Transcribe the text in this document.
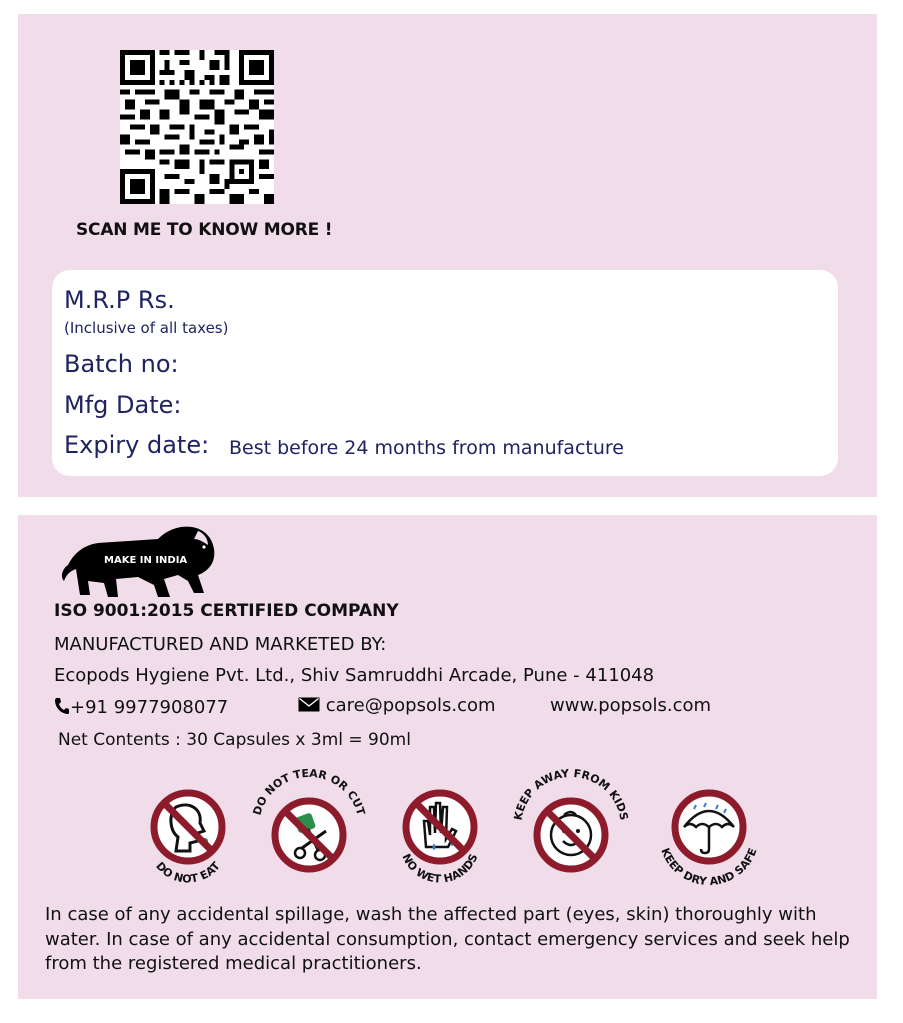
SCAN ME TO KNOW MORE !
M.R.P Rs.
(Inclusive of all taxes)
Batch no:
Mfg Date:
Expiry date: Best before 24 months from manufacture
MAKE IN INDIA
ISO 9001:2015 CERTIFIED COMPANY
MANUFACTURED AND MARKETED BY:
Ecopods Hygiene Pvt. Ltd., Shiv Samruddhi Arcade, Pune - 411048
+91 9977908077	care@popsols.com	www.popsols.com
Net Contents : 30 Capsules x 3ml = 90ml
DO NOT EAT
DO NOT TEAR OR CUT
NO WET HANDS
KEEP AWAY FROM KIDS
KEEP DRY AND SAFE
In case of any accidental spillage, wash the affected part (eyes, skin) thoroughly with water. In case of any accidental consumption, contact emergency services and seek help from the registered medical practitioners.
